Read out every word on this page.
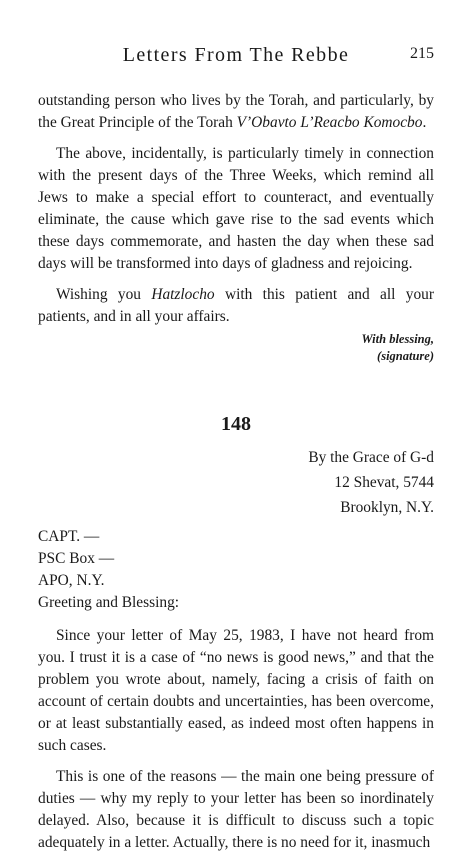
Letters From The Rebbe	215

outstanding person who lives by the Torah, and particularly, by the Great Principle of the Torah V’Obavto L’Reacbo Komocbo.

The above, incidentally, is particularly timely in connection with the present days of the Three Weeks, which remind all Jews to make a special effort to counteract, and eventually eliminate, the cause which gave rise to the sad events which these days commemorate, and hasten the day when these sad days will be transformed into days of gladness and rejoicing.

Wishing you Hatzlocho with this patient and all your patients, and in all your affairs.

With blessing,
(signature)
148
By the Grace of G-d
12 Shevat, 5744
Brooklyn, N.Y.
CAPT. —
PSC Box —
APO, N.Y.
Greeting and Blessing:

Since your letter of May 25, 1983, I have not heard from you. I trust it is a case of “no news is good news,” and that the problem you wrote about, namely, facing a crisis of faith on account of certain doubts and uncertainties, has been overcome, or at least substantially eased, as indeed most often happens in such cases.

This is one of the reasons — the main one being pressure of duties — why my reply to your letter has been so inordinately delayed. Also, because it is difficult to discuss such a topic adequately in a letter. Actually, there is no need for it, inasmuch
